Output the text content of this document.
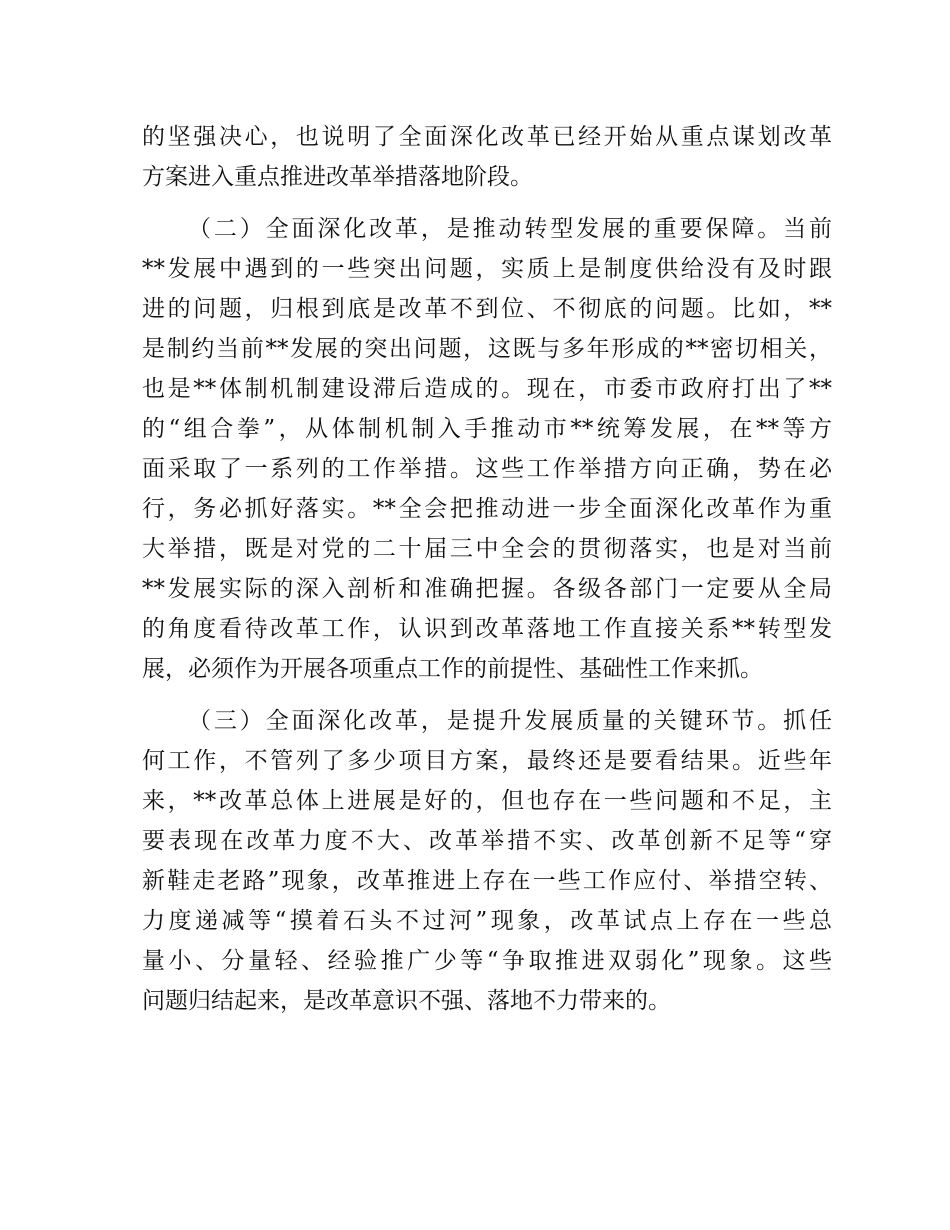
的坚强决心，也说明了全面深化改革已经开始从重点谋划改革
方案进入重点推进改革举措落地阶段。
（二）全面深化改革，是推动转型发展的重要保障。当前
**发展中遇到的一些突出问题，实质上是制度供给没有及时跟
进的问题，归根到底是改革不到位、不彻底的问题。比如，**
是制约当前**发展的突出问题，这既与多年形成的**密切相关，
也是**体制机制建设滞后造成的。现在，市委市政府打出了**
的“组合拳”，从体制机制入手推动市**统筹发展，在**等方
面采取了一系列的工作举措。这些工作举措方向正确，势在必
行，务必抓好落实。**全会把推动进一步全面深化改革作为重
大举措，既是对党的二十届三中全会的贯彻落实，也是对当前
**发展实际的深入剖析和准确把握。各级各部门一定要从全局
的角度看待改革工作，认识到改革落地工作直接关系**转型发
展，必须作为开展各项重点工作的前提性、基础性工作来抓。
（三）全面深化改革，是提升发展质量的关键环节。抓任
何工作，不管列了多少项目方案，最终还是要看结果。近些年
来，**改革总体上进展是好的，但也存在一些问题和不足，主
要表现在改革力度不大、改革举措不实、改革创新不足等“穿
新鞋走老路”现象，改革推进上存在一些工作应付、举措空转、
力度递减等“摸着石头不过河”现象，改革试点上存在一些总
量小、分量轻、经验推广少等“争取推进双弱化”现象。这些
问题归结起来，是改革意识不强、落地不力带来的。
